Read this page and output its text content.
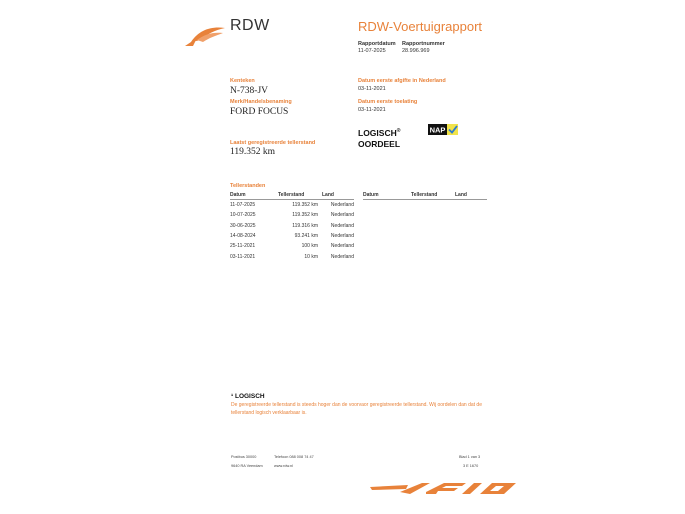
RDW	RDW-Voertuigrapport
Rapportdatum
11-07-2025
Rapportnummer
28.996.969
Kenteken
N-738-JV
Merk/Handelsbenaming
FORD FOCUS
Laatst geregistreerde tellerstand
119.352 km
Datum eerste afgifte in Nederland
03-11-2021
Datum eerste toelating
03-11-2021
LOGISCH®
OORDEEL
NAP
Tellerstanden
Datum	Tellerstand	Land
11-07-2025	119.352 km	Nederland
10-07-2025	119.352 km	Nederland
30-06-2025	119.316 km	Nederland
14-08-2024	93.241 km	Nederland
25-11-2021	100 km	Nederland
03-11-2021	10 km	Nederland
Datum	Tellerstand	Land
¹ LOGISCH
De geregistreerde tellerstand is steeds hoger dan de voorvaor geregistreerde tellerstand. Wij oordelen dan dat de tellerstand logisch verklaarbaar is.
Postbus 30000
9640 RA Veendam
Telefoon 088 008 74 47
www.rdw.nl
Blad 1 van 3
3 E 1670
